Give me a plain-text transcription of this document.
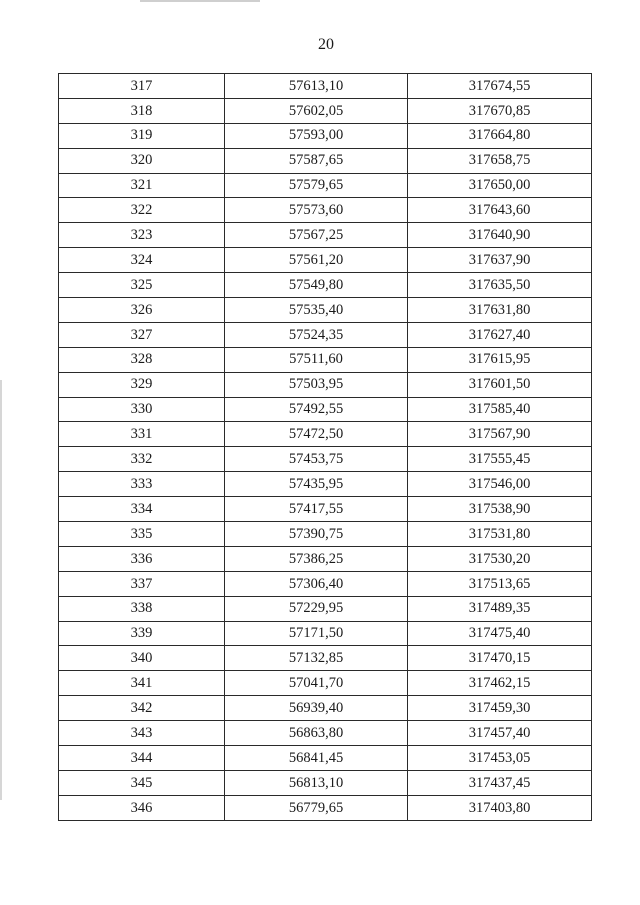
20
317	57613,10	317674,55
318	57602,05	317670,85
319	57593,00	317664,80
320	57587,65	317658,75
321	57579,65	317650,00
322	57573,60	317643,60
323	57567,25	317640,90
324	57561,20	317637,90
325	57549,80	317635,50
326	57535,40	317631,80
327	57524,35	317627,40
328	57511,60	317615,95
329	57503,95	317601,50
330	57492,55	317585,40
331	57472,50	317567,90
332	57453,75	317555,45
333	57435,95	317546,00
334	57417,55	317538,90
335	57390,75	317531,80
336	57386,25	317530,20
337	57306,40	317513,65
338	57229,95	317489,35
339	57171,50	317475,40
340	57132,85	317470,15
341	57041,70	317462,15
342	56939,40	317459,30
343	56863,80	317457,40
344	56841,45	317453,05
345	56813,10	317437,45
346	56779,65	317403,80
